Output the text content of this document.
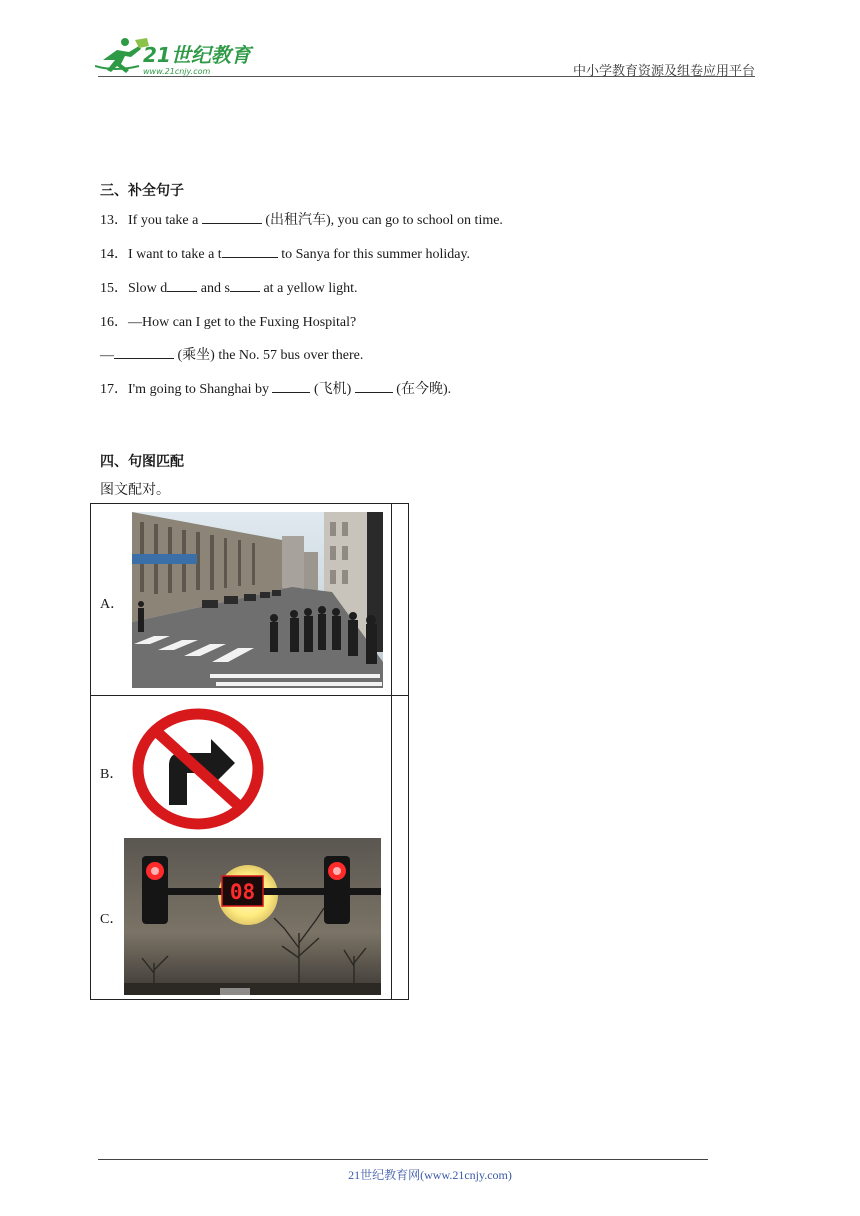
21世纪教育
www.21cnjy.com	中小学教育资源及组卷应用平台
三、补全句子
13．If you take a	(出租汽车), you can go to school on time.
14．I want to take a t	to Sanya for this summer holiday.
15．Slow d and s at a yellow light.
16．—How can I get to the Fuxing Hospital?
—	(乘坐) the No. 57 bus over there.
17．I'm going to Shanghai by	(飞机)	(在今晚).
四、句图匹配
图文配对。
A．
B．
C．
08
21世纪教育网(www.21cnjy.com)
